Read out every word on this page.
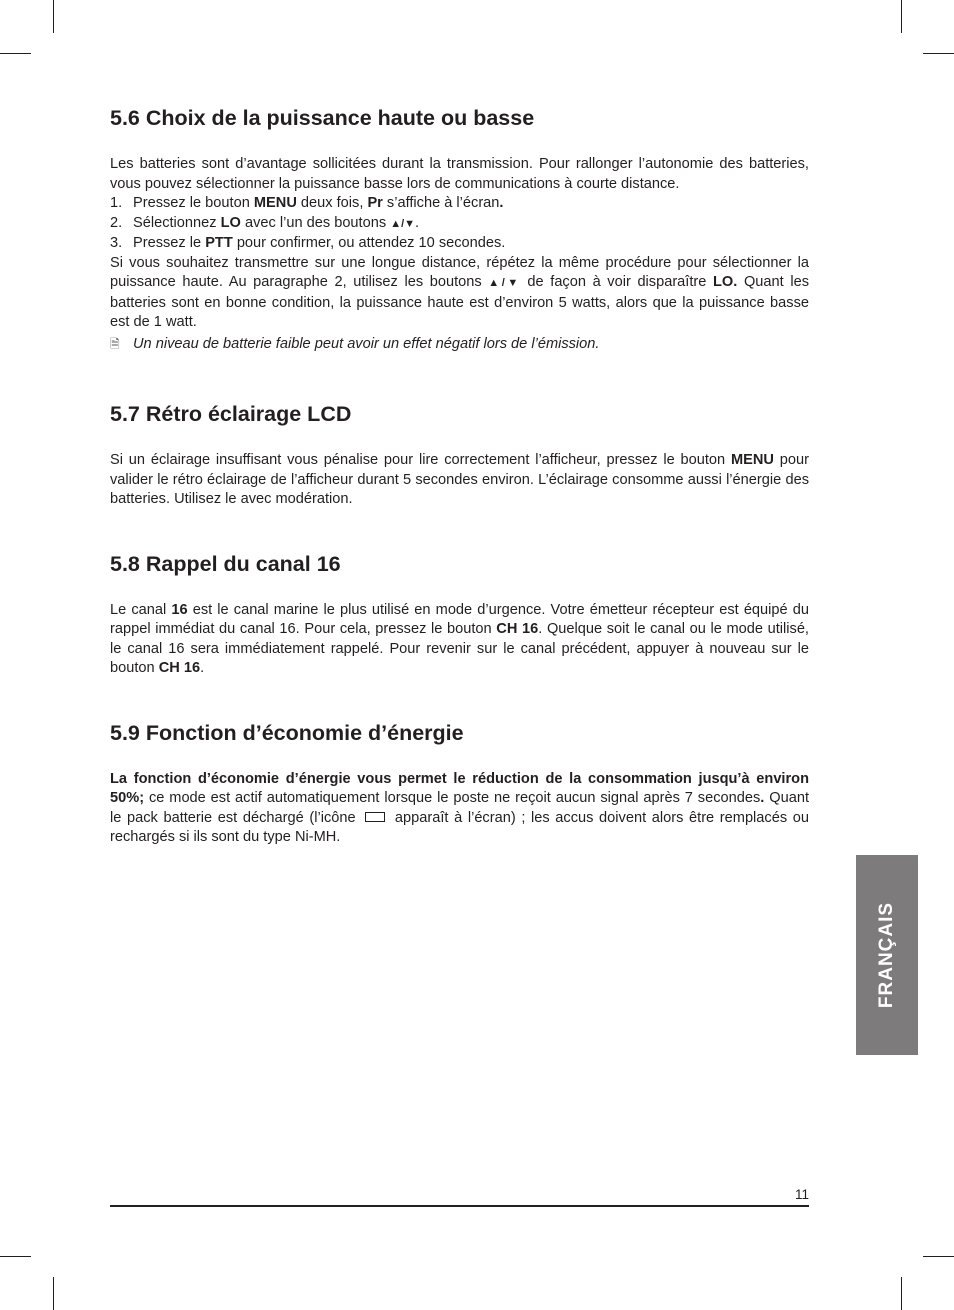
5.6 Choix de la puissance haute ou basse

Les batteries sont d’avantage sollicitées durant la transmission. Pour rallonger l’autonomie des batteries, vous pouvez sélectionner la puissance basse lors de communications à courte distance.

1. Pressez le bouton MENU deux fois, Pr s’affiche à l’écran.
2. Sélectionnez LO avec l’un des boutons ▲/▼.
3. Pressez le PTT pour confirmer, ou attendez 10 secondes.

Si vous souhaitez transmettre sur une longue distance, répétez la même procédure pour sélectionner la puissance haute. Au paragraphe 2, utilisez les boutons ▲/▼ de façon à voir disparaître LO. Quant les batteries sont en bonne condition, la puissance haute est d’environ 5 watts, alors que la puissance basse est de 1 watt.

🗎 Un niveau de batterie faible peut avoir un effet négatif lors de l’émission.
5.7 Rétro éclairage LCD

Si un éclairage insuffisant vous pénalise pour lire correctement l’afficheur, pressez le bouton MENU pour valider le rétro éclairage de l’afficheur durant 5 secondes environ. L’éclairage consomme aussi l’énergie des batteries. Utilisez le avec modération.

5.8 Rappel du canal 16

Le canal 16 est le canal marine le plus utilisé en mode d’urgence. Votre émetteur récepteur est équipé du rappel immédiat du canal 16. Pour cela, pressez le bouton CH 16. Quelque soit le canal ou le mode utilisé, le canal 16 sera immédiatement rappelé. Pour revenir sur le canal précédent, appuyer à nouveau sur le bouton CH 16.

5.9 Fonction d’économie d’énergie

La fonction d’économie d’énergie vous permet le réduction de la consommation jusqu’à environ 50%; ce mode est actif automatiquement lorsque le poste ne reçoit aucun signal après 7 secondes. Quant le pack batterie est déchargé (l’icône  apparaît à l’écran) ; les accus doivent alors être remplacés ou rechargés si ils sont du type Ni-MH.

FRANÇAIS
11
